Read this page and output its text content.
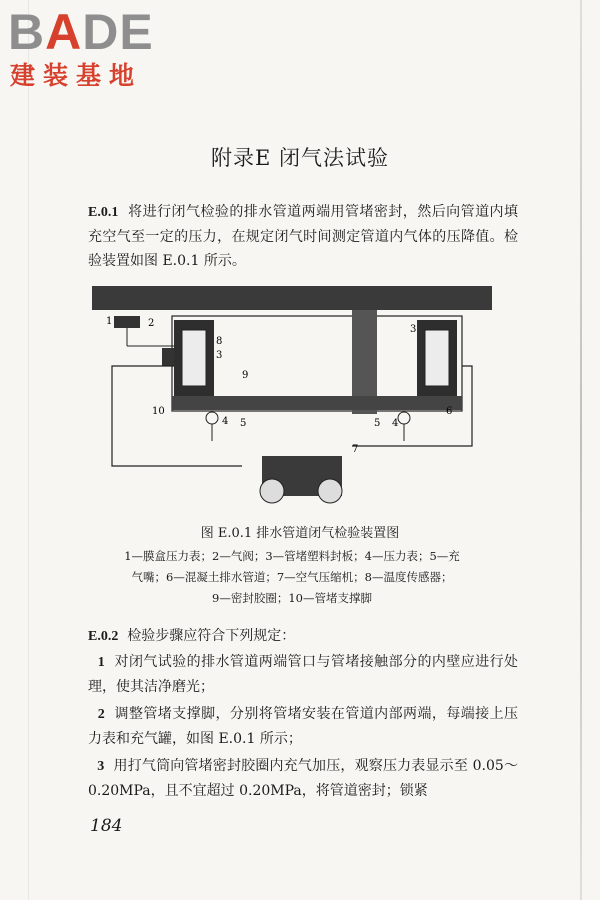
BADE
建装基地
附录E 闭气法试验
E.0.1 将进行闭气检验的排水管道两端用管堵密封，然后向管道内填充空气至一定的压力，在规定闭气时间测定管道内气体的压降值。检验装置如图 E.0.1 所示。
1	2
8
3
3
9
10
4 5	4
5
6
7
图 E.0.1 排水管道闭气检验装置图
1—膜盒压力表；2—气阀；3—管堵塑料封板；4—压力表；5—充
气嘴；6—混凝土排水管道；7—空气压缩机；8—温度传感器；
9—密封胶圈；10—管堵支撑脚
E.0.2 检验步骤应符合下列规定：
1 对闭气试验的排水管道两端管口与管堵接触部分的内壁应进行处理，使其洁净磨光；
2 调整管堵支撑脚，分别将管堵安装在管道内部两端，每端接上压力表和充气罐，如图 E.0.1 所示；
3 用打气筒向管堵密封胶圈内充气加压，观察压力表显示至 0.05～0.20MPa，且不宜超过 0.20MPa，将管道密封；锁紧
184
